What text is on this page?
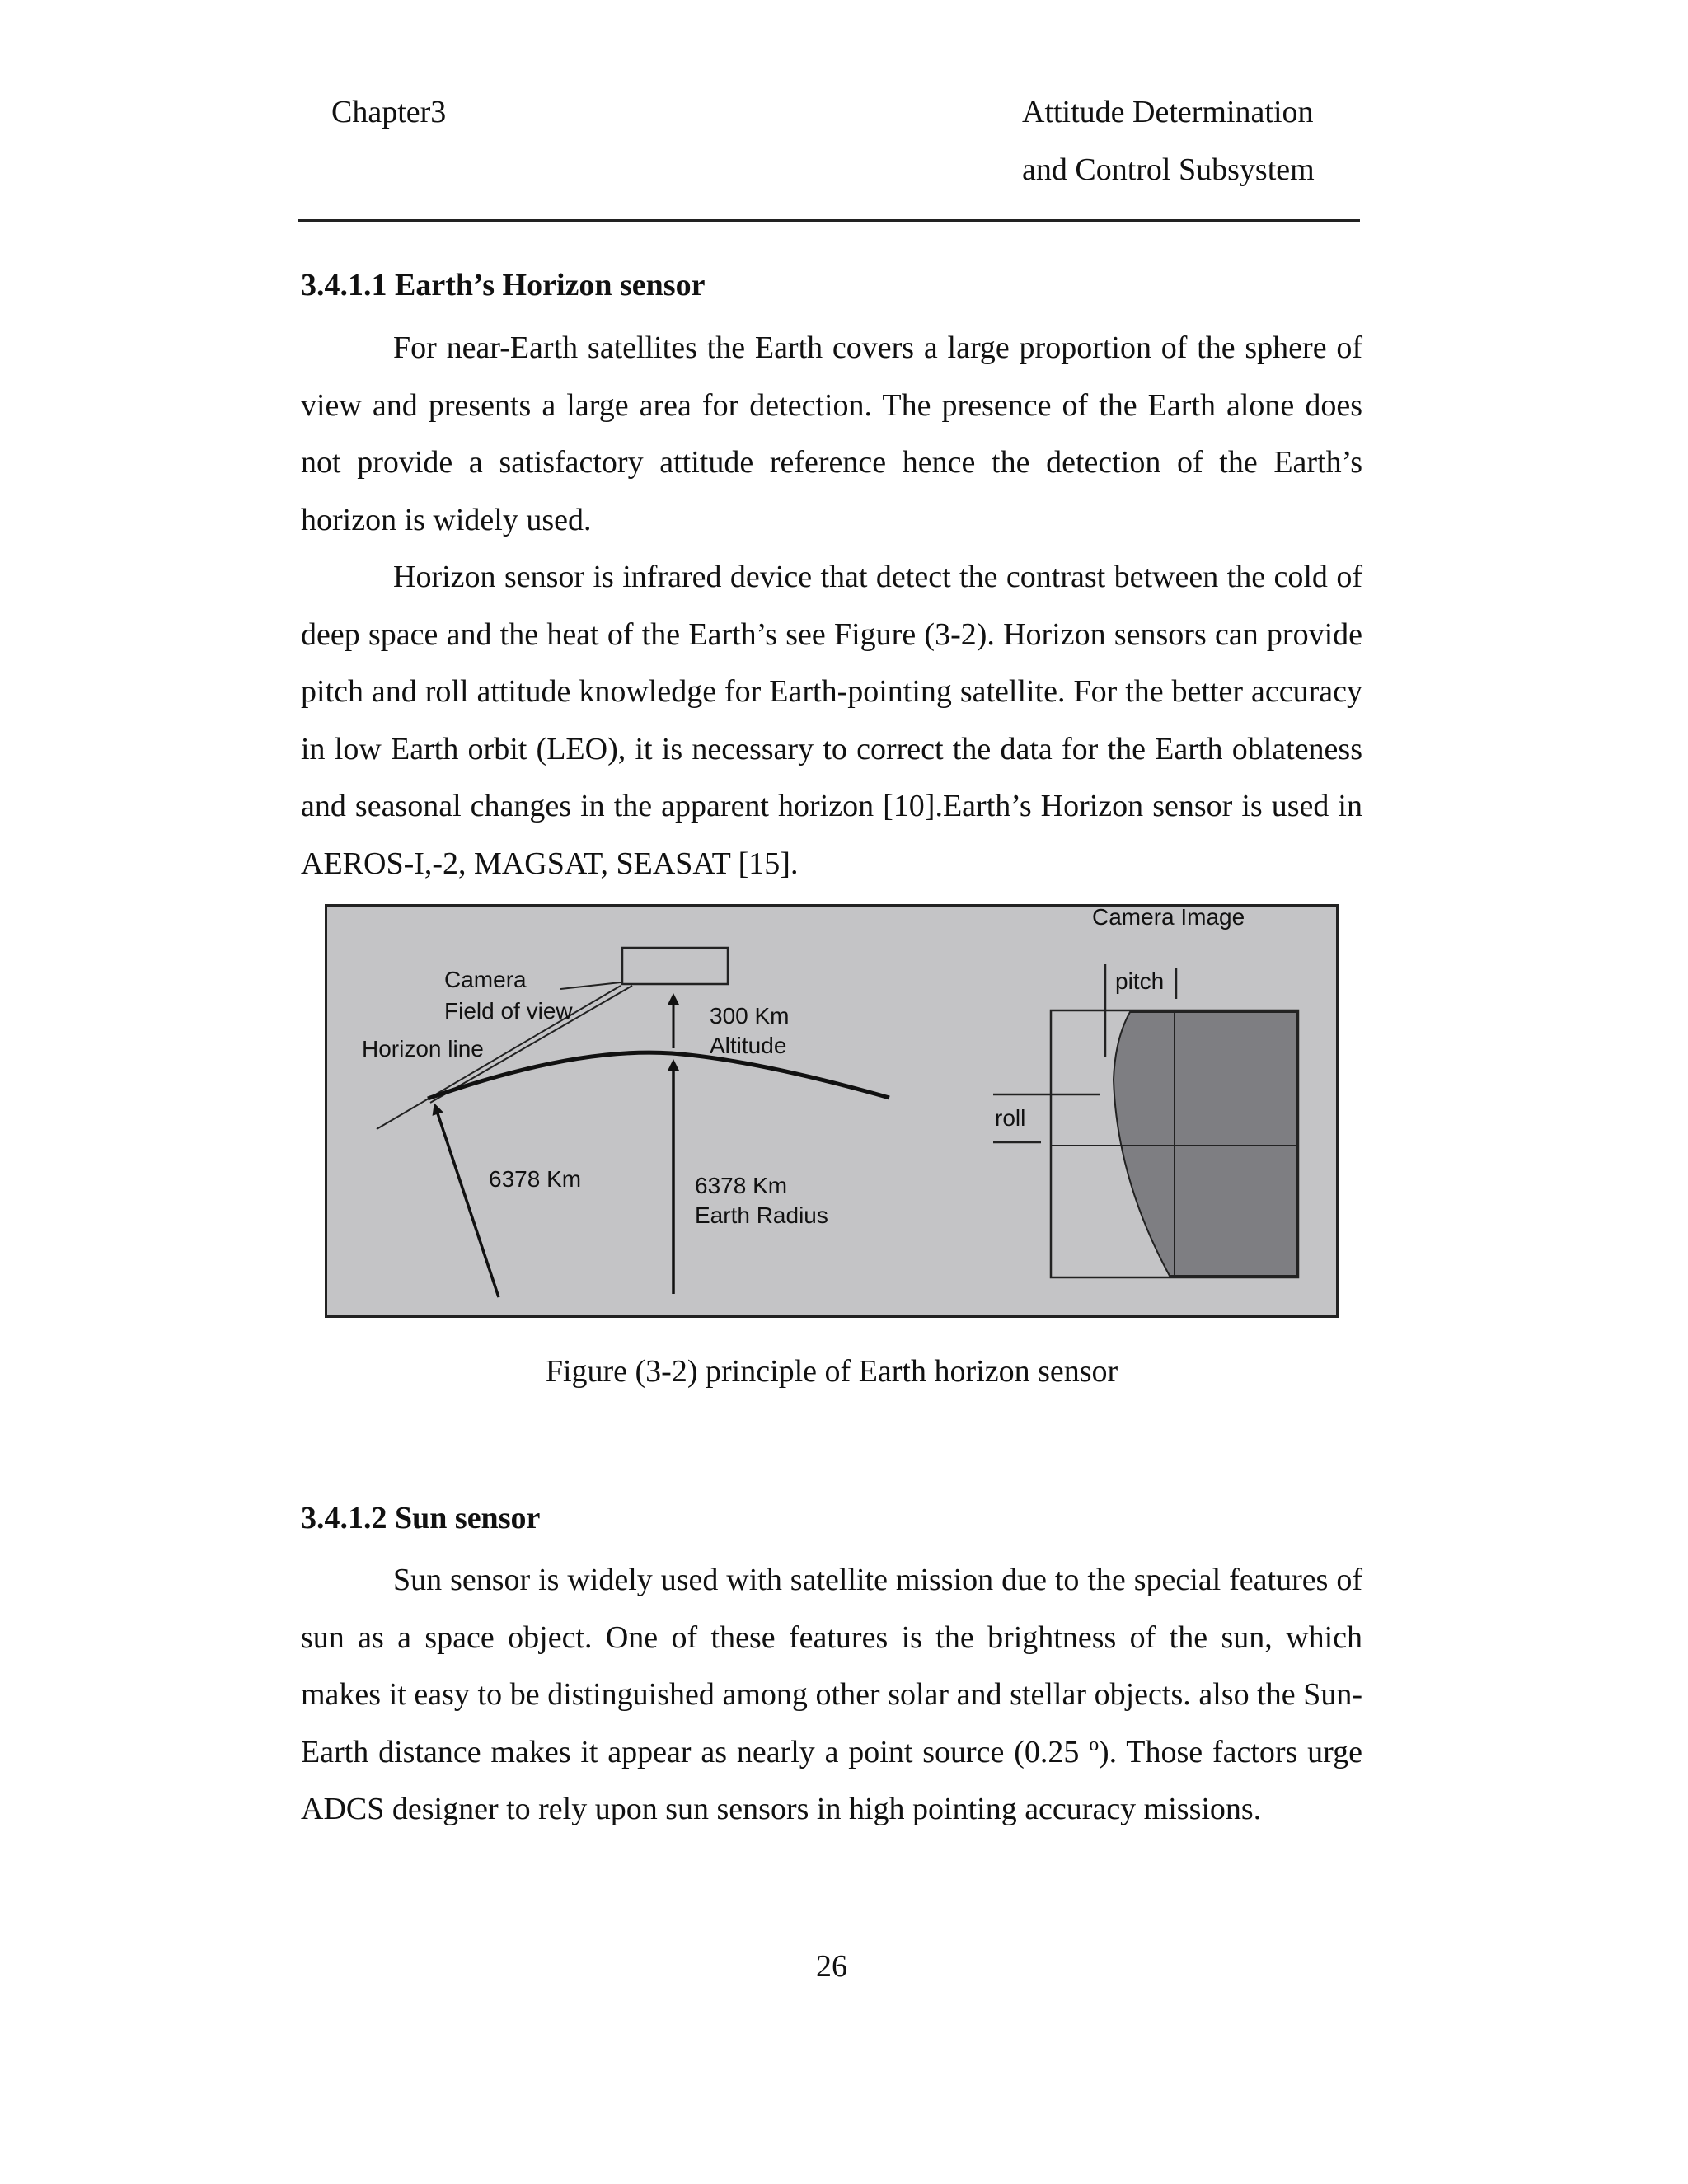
Chapter3	Attitude Determination
and Control Subsystem
3.4.1.1 Earth’s Horizon sensor

For near-Earth satellites the Earth covers a large proportion of the sphere of view and presents a large area for detection. The presence of the Earth alone does not provide a satisfactory attitude reference hence the detection of the Earth’s horizon is widely used.

Horizon sensor is infrared device that detect the contrast between the cold of deep space and the heat of the Earth’s see Figure (3-2). Horizon sensors can provide pitch and roll attitude knowledge for Earth-pointing satellite. For the better accuracy in low Earth orbit (LEO), it is necessary to correct the data for the Earth oblateness and seasonal changes in the apparent horizon [10].Earth’s Horizon sensor is used in AEROS-I,-2, MAGSAT, SEASAT [15].

Camera
Field of view
Horizon line
300 Km
Altitude
6378 Km	6378 Km
Earth Radius
Camera Image
pitch
roll
Figure (3-2) principle of Earth horizon sensor
3.4.1.2 Sun sensor

Sun sensor is widely used with satellite mission due to the special features of sun as a space object. One of these features is the brightness of the sun, which makes it easy to be distinguished among other solar and stellar objects. also the Sun-Earth distance makes it appear as nearly a point source (0.25 º). Those factors urge ADCS designer to rely upon sun sensors in high pointing accuracy missions.

26
